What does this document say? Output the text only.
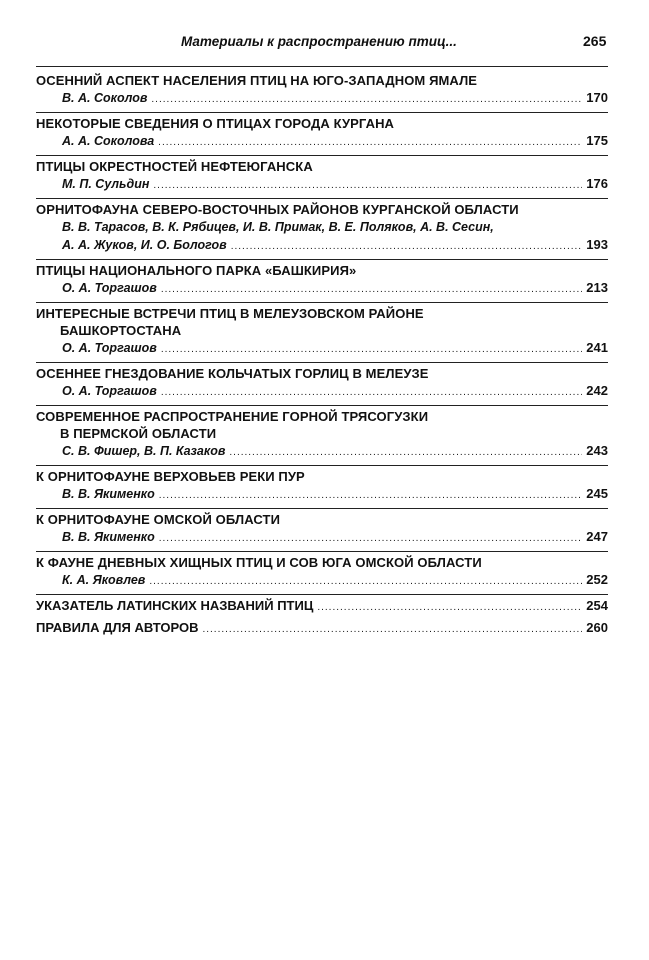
Материалы к распространению птиц...	265
ОСЕННИЙ АСПЕКТ НАСЕЛЕНИЯ ПТИЦ НА ЮГО-ЗАПАДНОМ ЯМАЛЕ
В. А. Соколов .....	170
НЕКОТОРЫЕ СВЕДЕНИЯ О ПТИЦАХ ГОРОДА КУРГАНА
А. А. Соколова .....	175
ПТИЦЫ ОКРЕСТНОСТЕЙ НЕФТЕЮГАНСКА
М. П. Сульдин .....	176
ОРНИТОФАУНА СЕВЕРО-ВОСТОЧНЫХ РАЙОНОВ КУРГАНСКОЙ ОБЛАСТИ
В. В. Тарасов, В. К. Рябицев, И. В. Примак, В. Е. Поляков, А. В. Сесин,
А. А. Жуков, И. О. Бологов .....	193
ПТИЦЫ НАЦИОНАЛЬНОГО ПАРКА «БАШКИРИЯ»
О. А. Торгашов .....	213
ИНТЕРЕСНЫЕ ВСТРЕЧИ ПТИЦ В МЕЛЕУЗОВСКОМ РАЙОНЕ
БАШКОРТОСТАНА
О. А. Торгашов .....	241
ОСЕННЕЕ ГНЕЗДОВАНИЕ КОЛЬЧАТЫХ ГОРЛИЦ В МЕЛЕУЗЕ
О. А. Торгашов .....	242
СОВРЕМЕННОЕ РАСПРОСТРАНЕНИЕ ГОРНОЙ ТРЯСОГУЗКИ
В ПЕРМСКОЙ ОБЛАСТИ
С. В. Фишер, В. П. Казаков .....	243
К ОРНИТОФАУНЕ ВЕРХОВЬЕВ РЕКИ ПУР
В. В. Якименко .....	245
К ОРНИТОФАУНЕ ОМСКОЙ ОБЛАСТИ
В. В. Якименко .....	247
К ФАУНЕ ДНЕВНЫХ ХИЩНЫХ ПТИЦ И СОВ ЮГА ОМСКОЙ ОБЛАСТИ
К. А. Яковлев .....	252
УКАЗАТЕЛЬ ЛАТИНСКИХ НАЗВАНИЙ ПТИЦ .....	254
ПРАВИЛА ДЛЯ АВТОРОВ .....	260
